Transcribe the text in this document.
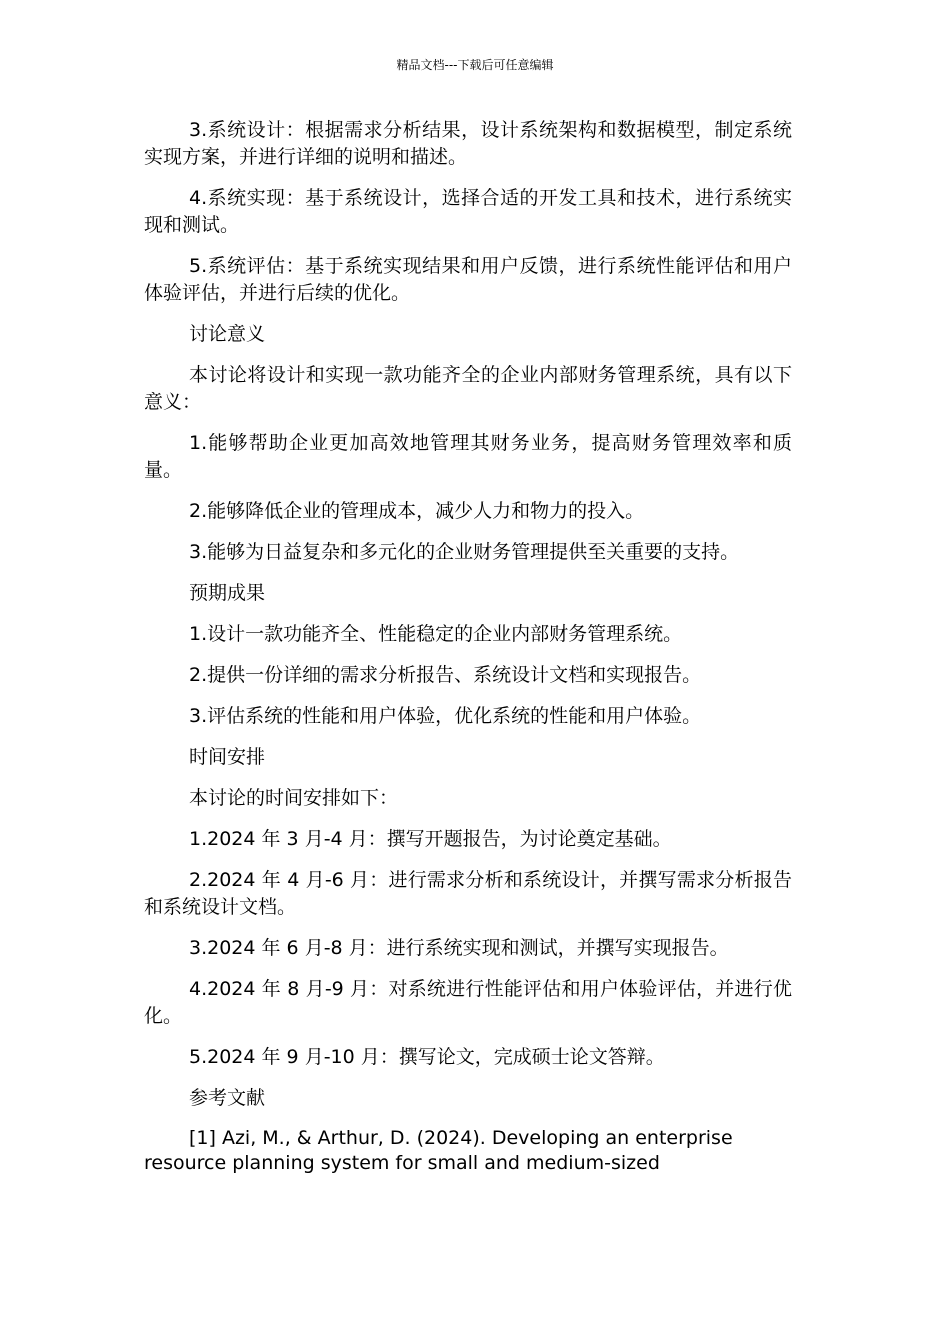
精品文档---下载后可任意编辑

3.系统设计：根据需求分析结果，设计系统架构和数据模型，制定系统实现方案，并进行详细的说明和描述。

4.系统实现：基于系统设计，选择合适的开发工具和技术，进行系统实现和测试。

5.系统评估：基于系统实现结果和用户反馈，进行系统性能评估和用户体验评估，并进行后续的优化。

讨论意义

本讨论将设计和实现一款功能齐全的企业内部财务管理系统，具有以下意义：

1.能够帮助企业更加高效地管理其财务业务，提高财务管理效率和质量。

2.能够降低企业的管理成本，减少人力和物力的投入。

3.能够为日益复杂和多元化的企业财务管理提供至关重要的支持。

预期成果

1.设计一款功能齐全、性能稳定的企业内部财务管理系统。

2.提供一份详细的需求分析报告、系统设计文档和实现报告。

3.评估系统的性能和用户体验，优化系统的性能和用户体验。

时间安排

本讨论的时间安排如下：

1.2024 年 3 月-4 月：撰写开题报告，为讨论奠定基础。

2.2024 年 4 月-6 月：进行需求分析和系统设计，并撰写需求分析报告和系统设计文档。

3.2024 年 6 月-8 月：进行系统实现和测试，并撰写实现报告。

4.2024 年 8 月-9 月：对系统进行性能评估和用户体验评估，并进行优化。

5.2024 年 9 月-10 月：撰写论文，完成硕士论文答辩。

参考文献

[1] Azi, M., & Arthur, D. (2024). Developing an enterprise resource planning system for small and medium-sized
